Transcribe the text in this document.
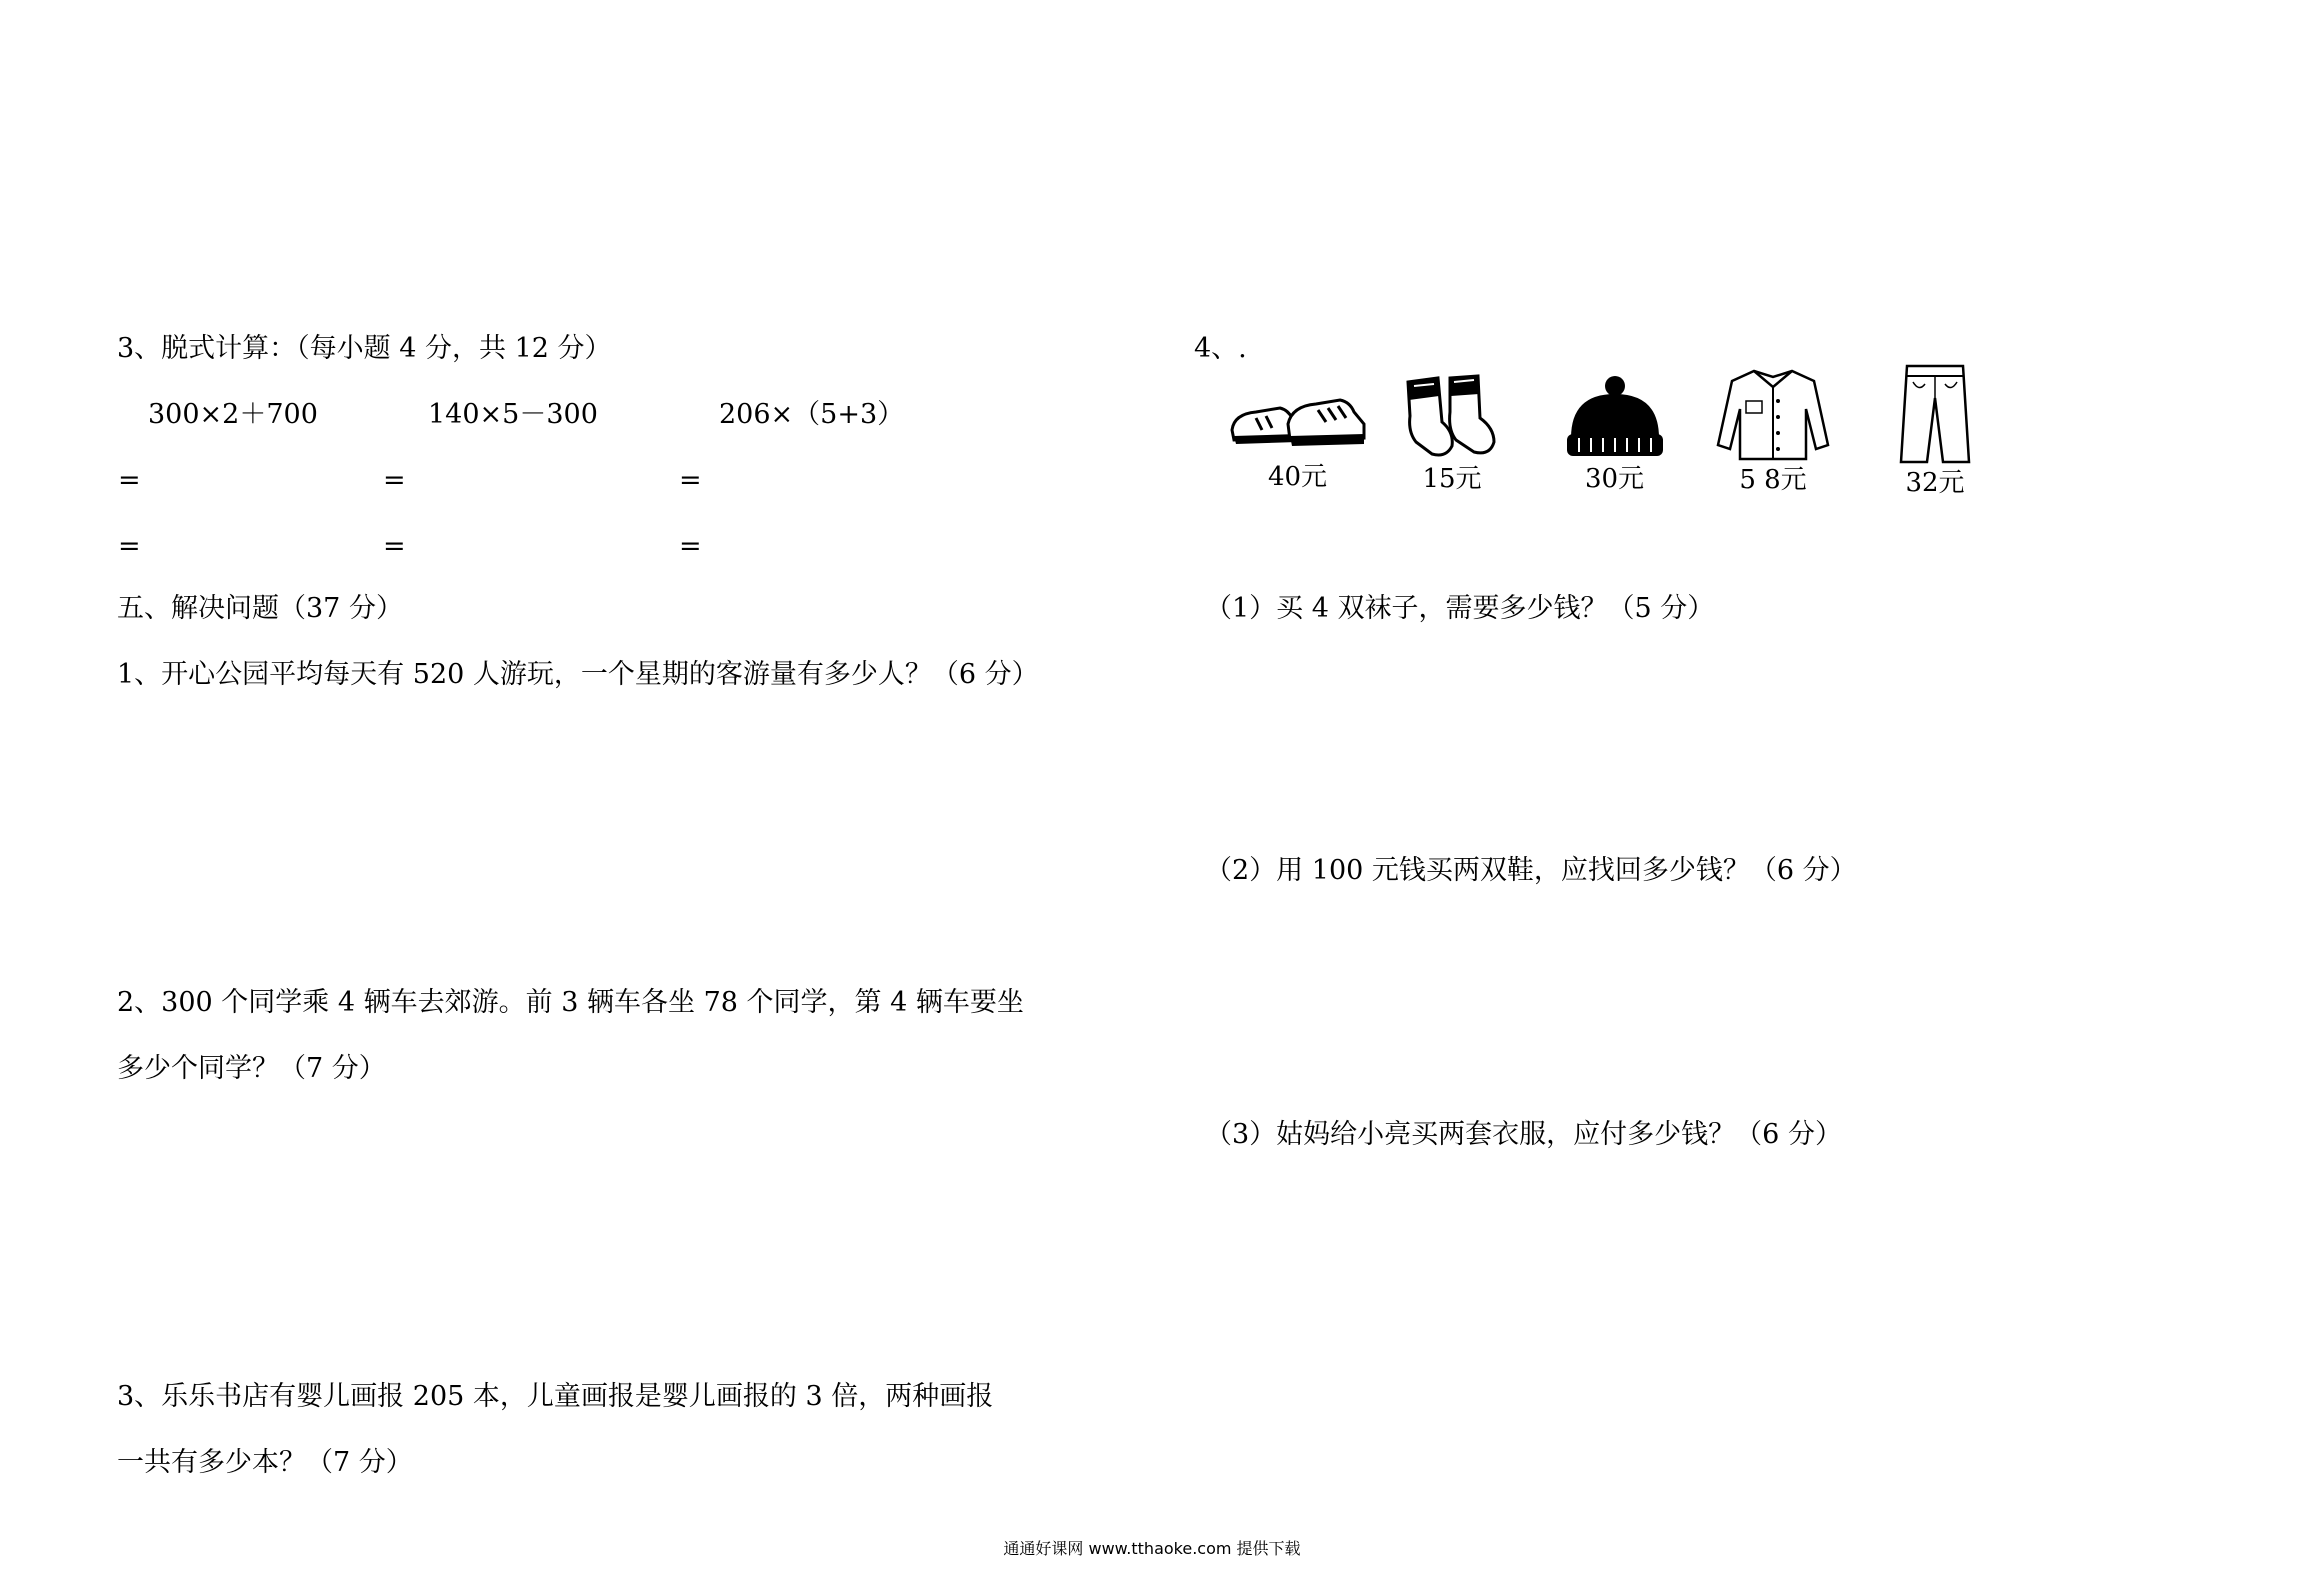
3、脱式计算：（每小题 4 分，共 12 分）
300×2＋700	140×5－300	206×（5+3）
=	=	=
=	=	=
五、解决问题（37 分）
1、开心公园平均每天有 520 人游玩，一个星期的客游量有多少人？（6 分）
2、300 个同学乘 4 辆车去郊游。前 3 辆车各坐 78 个同学，第 4 辆车要坐
多少个同学？（7 分）
3、乐乐书店有婴儿画报 205 本，儿童画报是婴儿画报的 3 倍，两种画报
一共有多少本？（7 分）
4、.
40元	15元	30元	5 8元	32元
（1）买 4 双袜子，需要多少钱？（5 分）
（2）用 100 元钱买两双鞋，应找回多少钱？（6 分）
（3）姑妈给小亮买两套衣服，应付多少钱？（6 分）
通通好课网 www.tthaoke.com 提供下载
